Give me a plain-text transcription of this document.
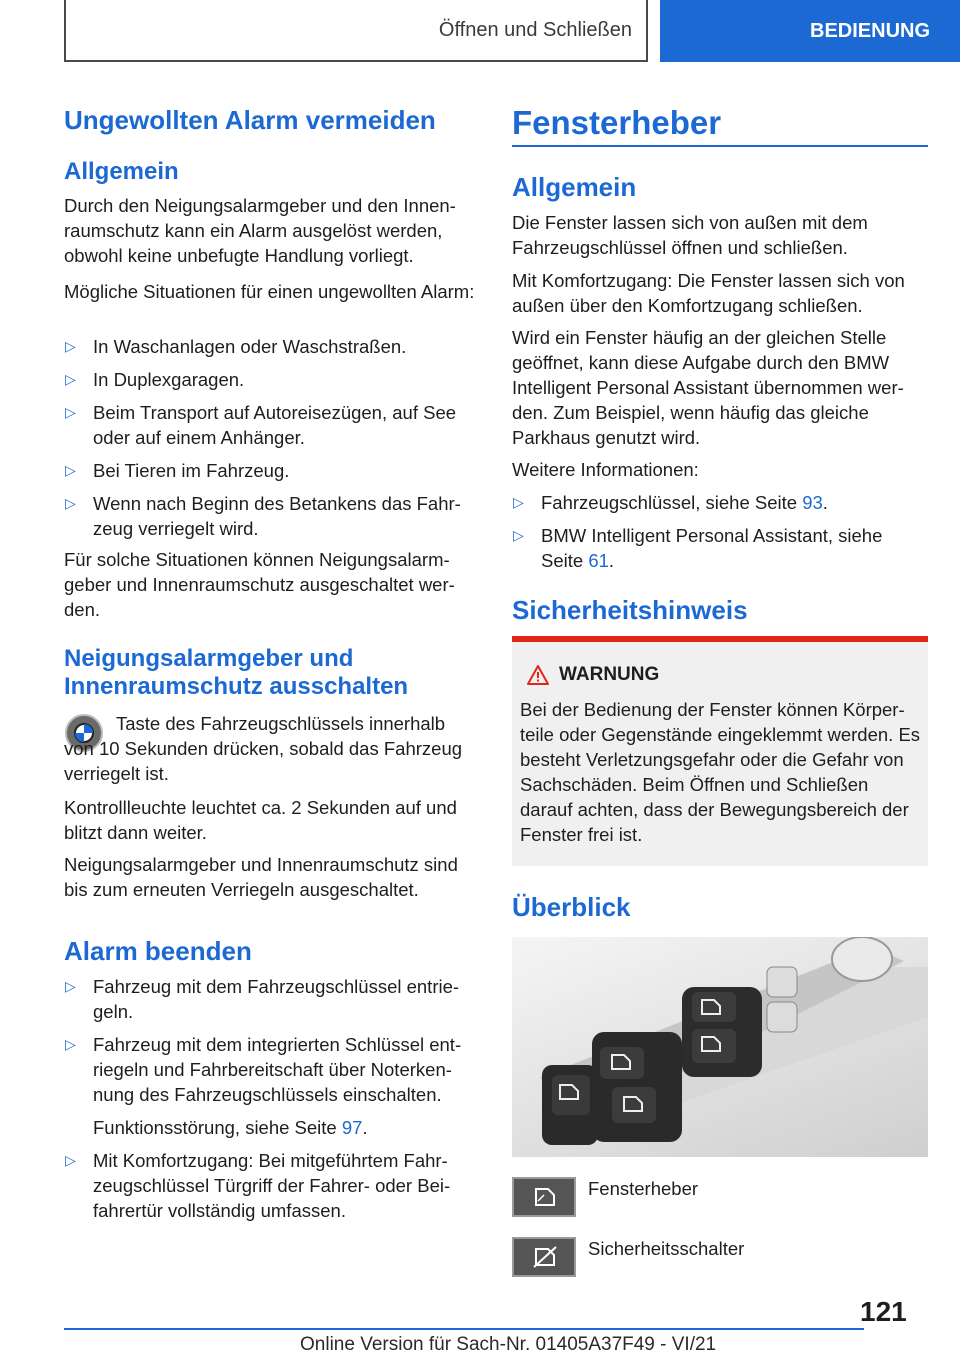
Öffnen und Schließen	BEDIENUNG
Ungewollten Alarm vermeiden
Allgemein

Durch den Neigungsalarmgeber und den Innen-raumschutz kann ein Alarm ausgelöst werden, obwohl keine unbefugte Handlung vorliegt.

Mögliche Situationen für einen ungewollten Alarm:

▷ In Waschanlagen oder Waschstraßen.
▷ In Duplexgaragen.
▷ Beim Transport auf Autoreisezügen, auf See oder auf einem Anhänger.
▷ Bei Tieren im Fahrzeug.
▷ Wenn nach Beginn des Betankens das Fahr-zeug verriegelt wird.

Für solche Situationen können Neigungsalarm-geber und Innenraumschutz ausgeschaltet wer-den.

Neigungsalarmgeber und Innenraumschutz ausschalten

Taste des Fahrzeugschlüssels innerhalb von 10 Sekunden drücken, sobald das Fahrzeug verriegelt ist.

Kontrollleuchte leuchtet ca. 2 Sekunden auf und blitzt dann weiter.

Neigungsalarmgeber und Innenraumschutz sind bis zum erneuten Verriegeln ausgeschaltet.

Alarm beenden
▷ Fahrzeug mit dem Fahrzeugschlüssel entrie-geln.
▷ Fahrzeug mit dem integrierten Schlüssel ent-riegeln und Fahrbereitschaft über Noterken-nung des Fahrzeugschlüssels einschalten.
Funktionsstörung, siehe Seite 97.
▷ Mit Komfortzugang: Bei mitgeführtem Fahr-zeugschlüssel Türgriff der Fahrer- oder Bei-fahrertür vollständig umfassen.
Fensterheber
Allgemein

Die Fenster lassen sich von außen mit dem Fahrzeugschlüssel öffnen und schließen.

Mit Komfortzugang: Die Fenster lassen sich von außen über den Komfortzugang schließen.

Wird ein Fenster häufig an der gleichen Stelle geöffnet, kann diese Aufgabe durch den BMW Intelligent Personal Assistant übernommen wer-den. Zum Beispiel, wenn häufig das gleiche Parkhaus genutzt wird.

Weitere Informationen:

▷ Fahrzeugschlüssel, siehe Seite 93.
▷ BMW Intelligent Personal Assistant, siehe Seite 61.
Sicherheitshinweis
WARNUNG

Bei der Bedienung der Fenster können Körper-teile oder Gegenstände eingeklemmt werden. Es besteht Verletzungsgefahr oder die Gefahr von Sachschäden. Beim Öffnen und Schließen darauf achten, dass der Bewegungsbereich der Fenster frei ist.

Überblick
Fensterheber
Sicherheitsschalter
121
Online Version für Sach-Nr. 01405A37F49 - VI/21
